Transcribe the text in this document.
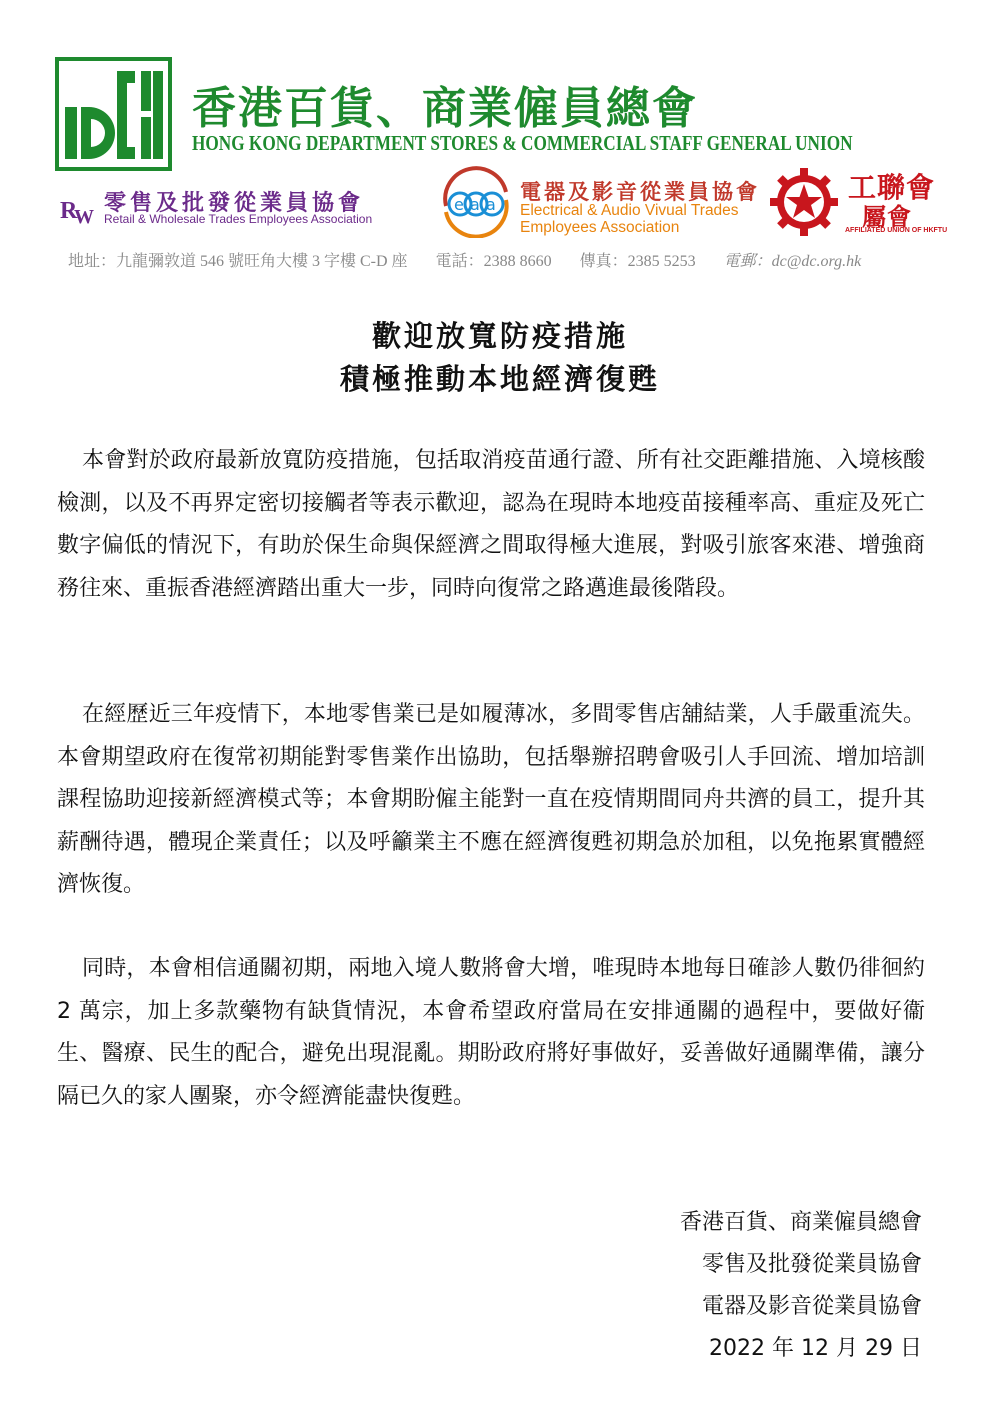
香港百貨、商業僱員總會
HONG KONG DEPARTMENT STORES & COMMERCIAL STAFF GENERAL UNION
R
W
零售及批發從業員協會
Retail & Wholesale Trades Employees Association
e a a
電器及影音從業員協會
Electrical & Audio Vivual Trades
Employees Association
工聯會
屬會
AFFILIATED UNION OF HKFTU
地址：九龍彌敦道 546 號旺角大樓 3 字樓 C-D 座 電話：2388 8660 傳真：2385 5253 電郵：dc@dc.org.hk
歡迎放寬防疫措施
積極推動本地經濟復甦

本會對於政府最新放寬防疫措施，包括取消疫苗通行證、所有社交距離措施、入境核酸檢測，以及不再界定密切接觸者等表示歡迎，認為在現時本地疫苗接種率高、重症及死亡數字偏低的情況下，有助於保生命與保經濟之間取得極大進展，對吸引旅客來港、增強商務往來、重振香港經濟踏出重大一步，同時向復常之路邁進最後階段。

在經歷近三年疫情下，本地零售業已是如履薄冰，多間零售店舖結業，人手嚴重流失。本會期望政府在復常初期能對零售業作出協助，包括舉辦招聘會吸引人手回流、增加培訓課程協助迎接新經濟模式等；本會期盼僱主能對一直在疫情期間同舟共濟的員工，提升其薪酬待遇，體現企業責任；以及呼籲業主不應在經濟復甦初期急於加租，以免拖累實體經濟恢復。

同時，本會相信通關初期，兩地入境人數將會大增，唯現時本地每日確診人數仍徘徊約 2 萬宗，加上多款藥物有缺貨情況，本會希望政府當局在安排通關的過程中，要做好衞生、醫療、民生的配合，避免出現混亂。期盼政府將好事做好，妥善做好通關準備，讓分隔已久的家人團聚，亦令經濟能盡快復甦。

香港百貨、商業僱員總會
零售及批發從業員協會
電器及影音從業員協會
2022 年 12 月 29 日
